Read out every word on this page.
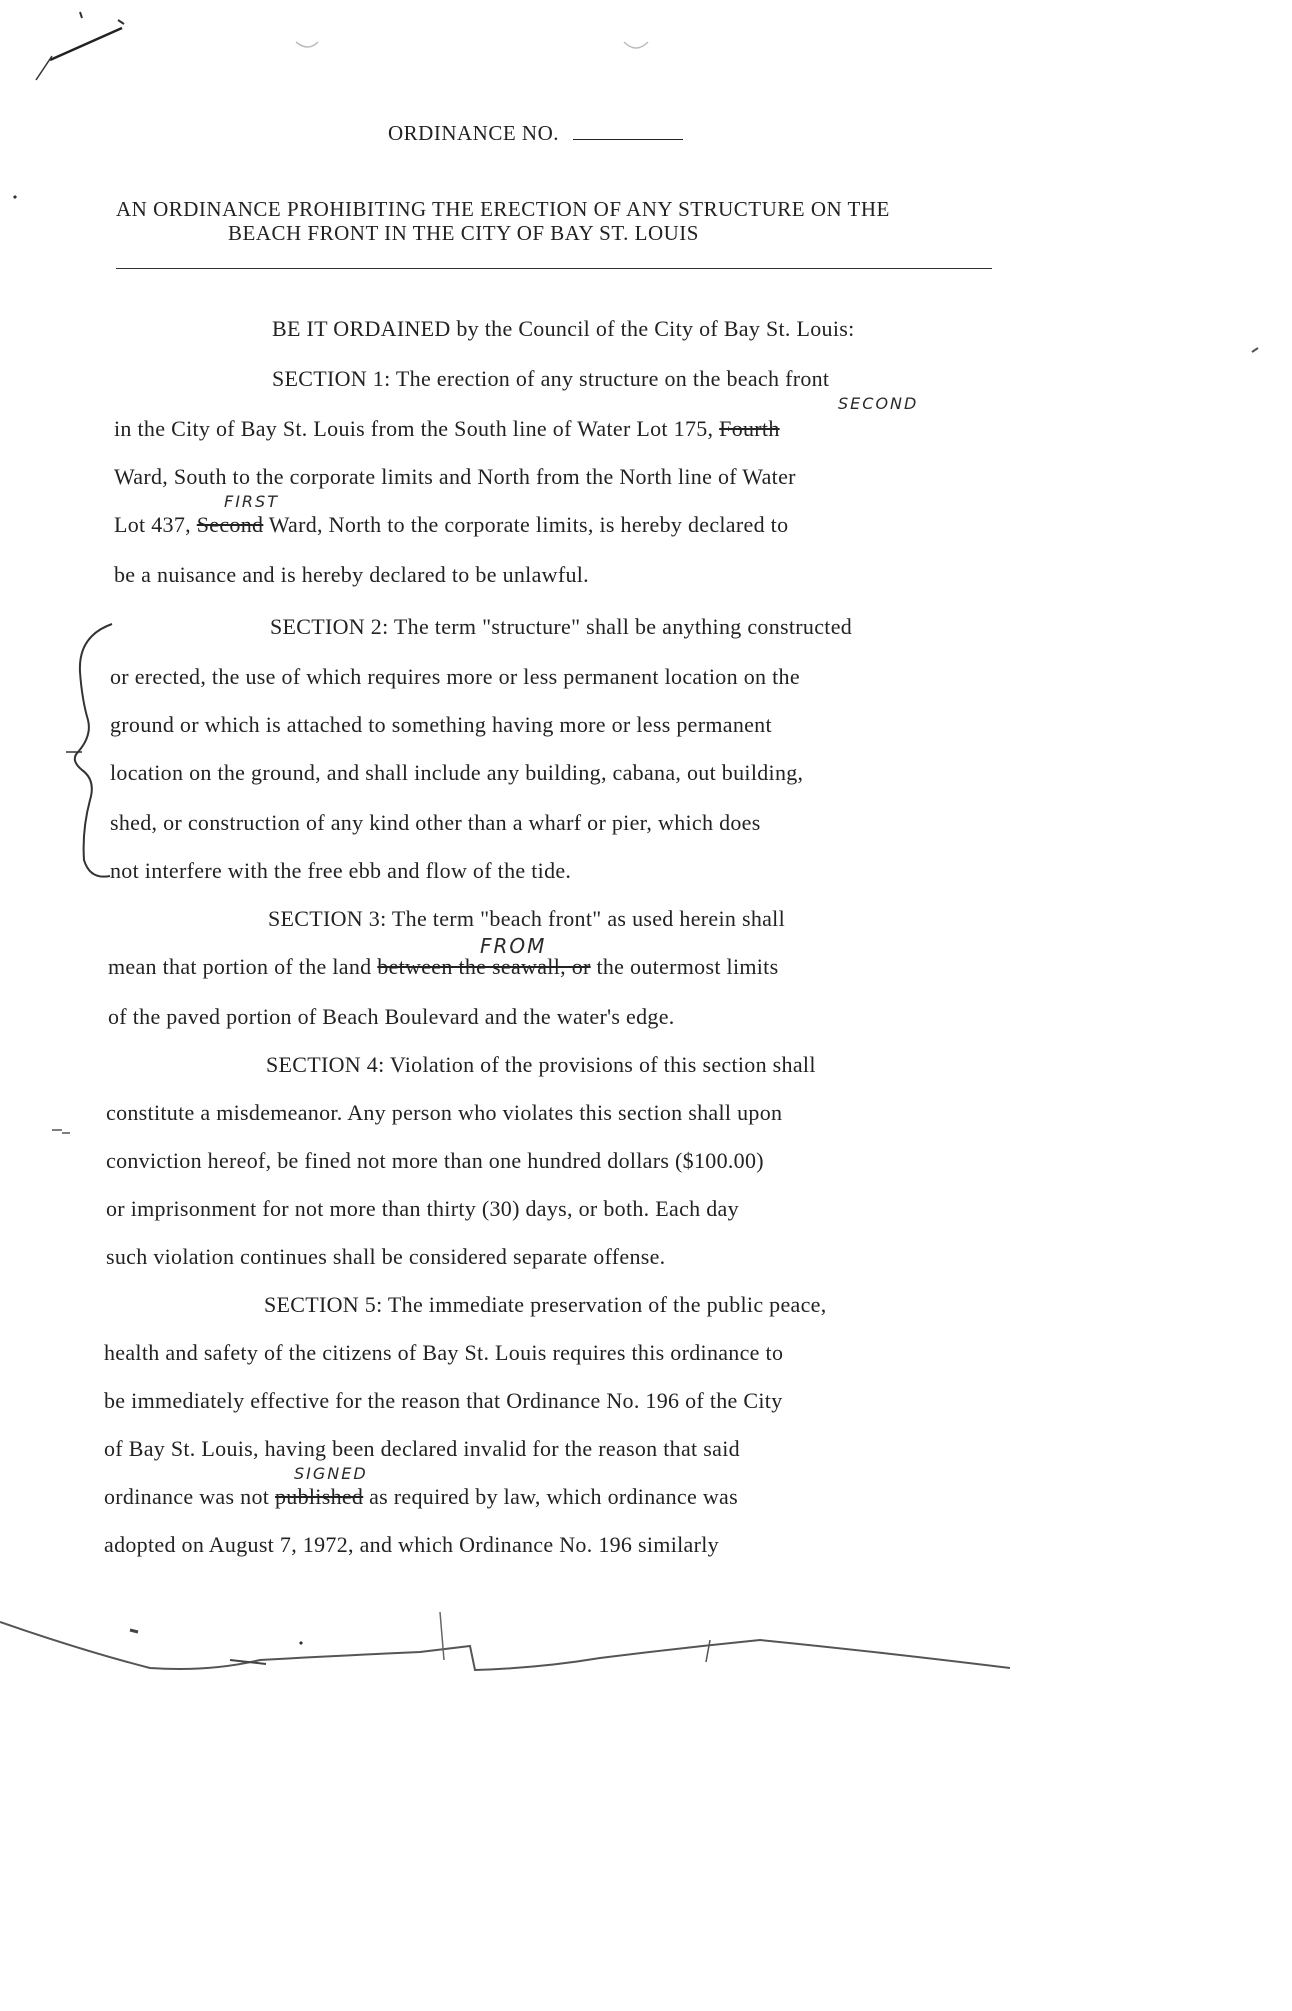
ORDINANCE NO.
AN ORDINANCE PROHIBITING THE ERECTION OF ANY STRUCTURE ON THE
BEACH FRONT IN THE CITY OF BAY ST. LOUIS
BE IT ORDAINED by the Council of the City of Bay St. Louis:
SECTION 1: The erection of any structure on the beach front
SECOND
in the City of Bay St. Louis from the South line of Water Lot 175, Fourth
Ward, South to the corporate limits and North from the North line of Water
FIRST
Lot 437, Second Ward, North to the corporate limits, is hereby declared to
be a nuisance and is hereby declared to be unlawful.
SECTION 2: The term "structure" shall be anything constructed
or erected, the use of which requires more or less permanent location on the
ground or which is attached to something having more or less permanent
location on the ground, and shall include any building, cabana, out building,
shed, or construction of any kind other than a wharf or pier, which does
not interfere with the free ebb and flow of the tide.
SECTION 3: The term "beach front" as used herein shall
FROM
mean that portion of the land between the seawall, or the outermost limits
of the paved portion of Beach Boulevard and the water's edge.
SECTION 4: Violation of the provisions of this section shall
constitute a misdemeanor. Any person who violates this section shall upon
conviction hereof, be fined not more than one hundred dollars ($100.00)
or imprisonment for not more than thirty (30) days, or both. Each day
such violation continues shall be considered separate offense.
SECTION 5: The immediate preservation of the public peace,
health and safety of the citizens of Bay St. Louis requires this ordinance to
be immediately effective for the reason that Ordinance No. 196 of the City
of Bay St. Louis, having been declared invalid for the reason that said
SIGNED
ordinance was not published as required by law, which ordinance was
adopted on August 7, 1972, and which Ordinance No. 196 similarly
